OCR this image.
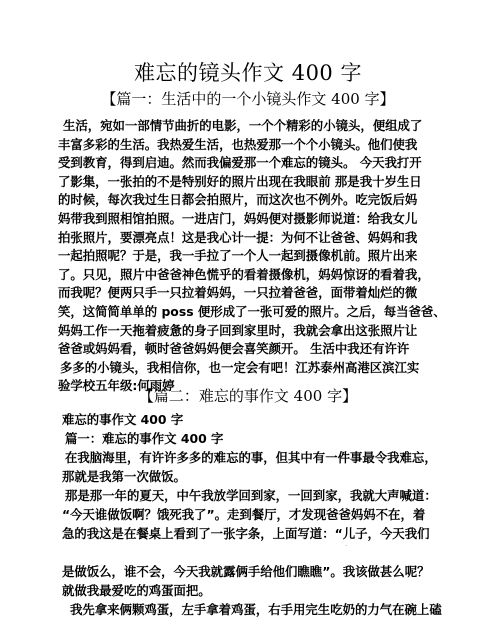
难忘的镜头作文 400 字
【篇一：生活中的一个小镜头作文 400 字】
生活，宛如一部情节曲折的电影，一个个精彩的小镜头，便组成了
丰富多彩的生活。我热爱生活，也热爱那一个个小镜头。他们使我
受到教育，得到启迪。然而我偏爱那一个难忘的镜头。 今天我打开
了影集，一张拍的不是特别好的照片出现在我眼前 那是我十岁生日
的时候，每次我过生日都会拍照片，而这次也不例外。吃完饭后妈
妈带我到照相馆拍照。一进店门，妈妈便对摄影师说道：给我女儿
拍张照片，要漂亮点！这是我心计一提：为何不让爸爸、妈妈和我
一起拍照呢？于是，我一手拉了一个人一起到摄像机前。照片出来
了。只见，照片中爸爸神色慌乎的看着摄像机，妈妈惊讶的看着我，
而我呢？便两只手一只拉着妈妈，一只拉着爸爸，面带着灿烂的微
笑，这简简单单的 poss 便形成了一张可爱的照片。之后，每当爸爸、
妈妈工作一天拖着疲惫的身子回到家里时，我就会拿出这张照片让
爸爸或妈妈看，顿时爸爸妈妈便会喜笑颜开。 生活中我还有许许
多多的小镜头，我相信你，也一定会有吧！江苏泰州高港区滨江实
验学校五年级:何雨婷
【篇二：难忘的事作文 400 字】
难忘的事作文 400 字
篇一：难忘的事作文 400 字
在我脑海里，有许许多多的难忘的事，但其中有一件事最令我难忘，
那就是我第一次做饭。
那是那一年的夏天，中午我放学回到家，一回到家，我就大声喊道：
“今天谁做饭啊？饿死我了”。走到餐厅，才发现爸爸妈妈不在，着
急的我这是在餐桌上看到了一张字条，上面写道：“儿子，今天我们
是做饭么，谁不会，今天我就露俩手给他们瞧瞧”。我该做甚么呢？
就做我最爱吃的鸡蛋面把。
我先拿来俩颗鸡蛋，左手拿着鸡蛋，右手用完生吃奶的力气在碗上磕
